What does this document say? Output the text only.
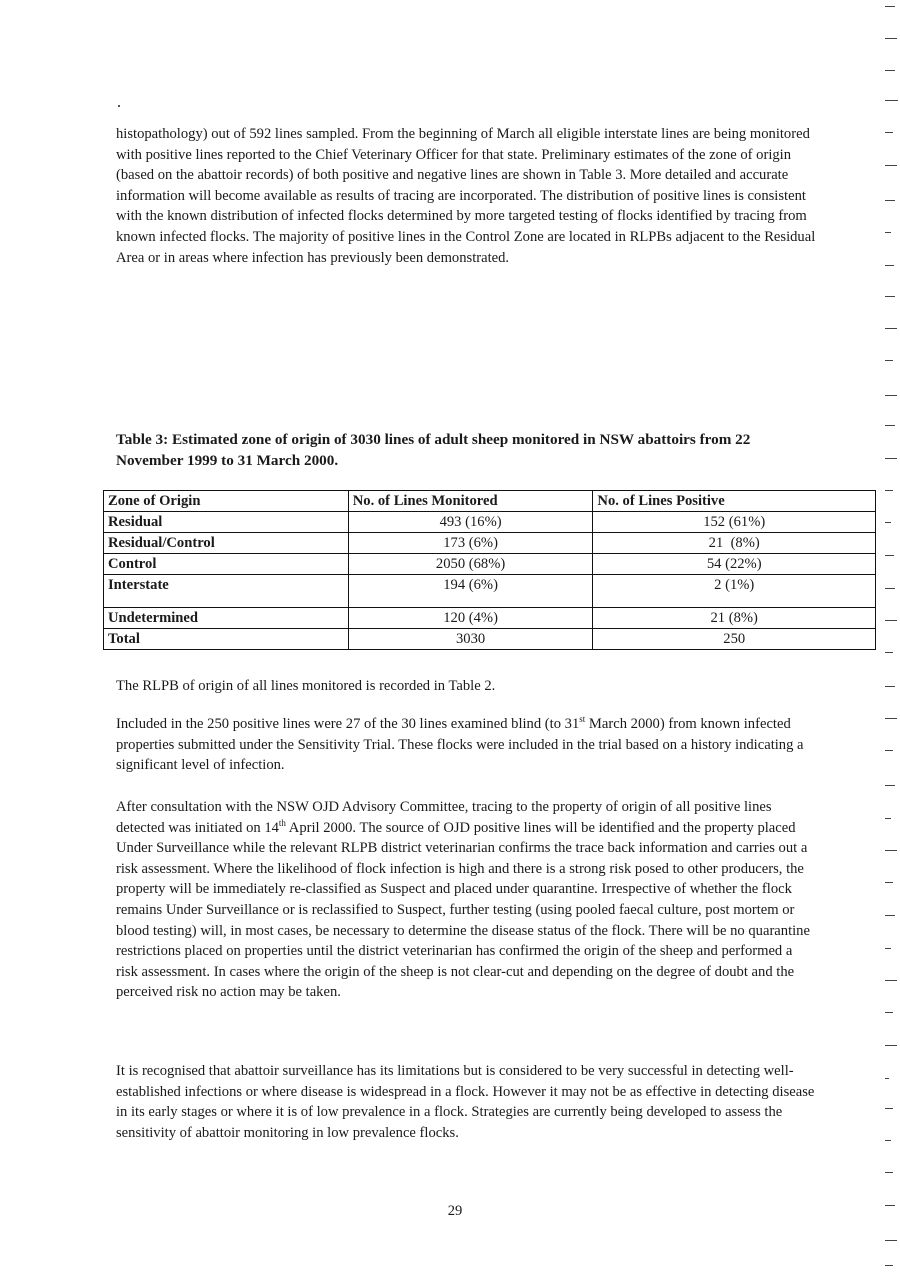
histopathology) out of 592 lines sampled. From the beginning of March all eligible interstate lines are being monitored with positive lines reported to the Chief Veterinary Officer for that state. Preliminary estimates of the zone of origin (based on the abattoir records) of both positive and negative lines are shown in Table 3. More detailed and accurate information will become available as results of tracing are incorporated. The distribution of positive lines is consistent with the known distribution of infected flocks determined by more targeted testing of flocks identified by tracing from known infected flocks. The majority of positive lines in the Control Zone are located in RLPBs adjacent to the Residual Area or in areas where infection has previously been demonstrated.

Table 3: Estimated zone of origin of 3030 lines of adult sheep monitored in NSW abattoirs from 22 November 1999 to 31 March 2000.

Zone of Origin	No. of Lines Monitored	No. of Lines Positive
Residual	493 (16%)	152 (61%)
Residual/Control	173 (6%)	21  (8%)
Control	2050 (68%)	54 (22%)
Interstate	194 (6%)	2 (1%)

Undetermined	120 (4%)	21 (8%)
Total	3030	250

The RLPB of origin of all lines monitored is recorded in Table 2.

Included in the 250 positive lines were 27 of the 30 lines examined blind (to 31st March 2000) from known infected properties submitted under the Sensitivity Trial. These flocks were included in the trial based on a history indicating a significant level of infection.

After consultation with the NSW OJD Advisory Committee, tracing to the property of origin of all positive lines detected was initiated on 14th April 2000. The source of OJD positive lines will be identified and the property placed Under Surveillance while the relevant RLPB district veterinarian confirms the trace back information and carries out a risk assessment. Where the likelihood of flock infection is high and there is a strong risk posed to other producers, the property will be immediately re-classified as Suspect and placed under quarantine. Irrespective of whether the flock remains Under Surveillance or is reclassified to Suspect, further testing (using pooled faecal culture, post mortem or blood testing) will, in most cases, be necessary to determine the disease status of the flock. There will be no quarantine restrictions placed on properties until the district veterinarian has confirmed the origin of the sheep and performed a risk assessment. In cases where the origin of the sheep is not clear-cut and depending on the degree of doubt and the perceived risk no action may be taken.

It is recognised that abattoir surveillance has its limitations but is considered to be very successful in detecting well-established infections or where disease is widespread in a flock. However it may not be as effective in detecting disease in its early stages or where it is of low prevalence in a flock. Strategies are currently being developed to assess the sensitivity of abattoir monitoring in low prevalence flocks.

29
